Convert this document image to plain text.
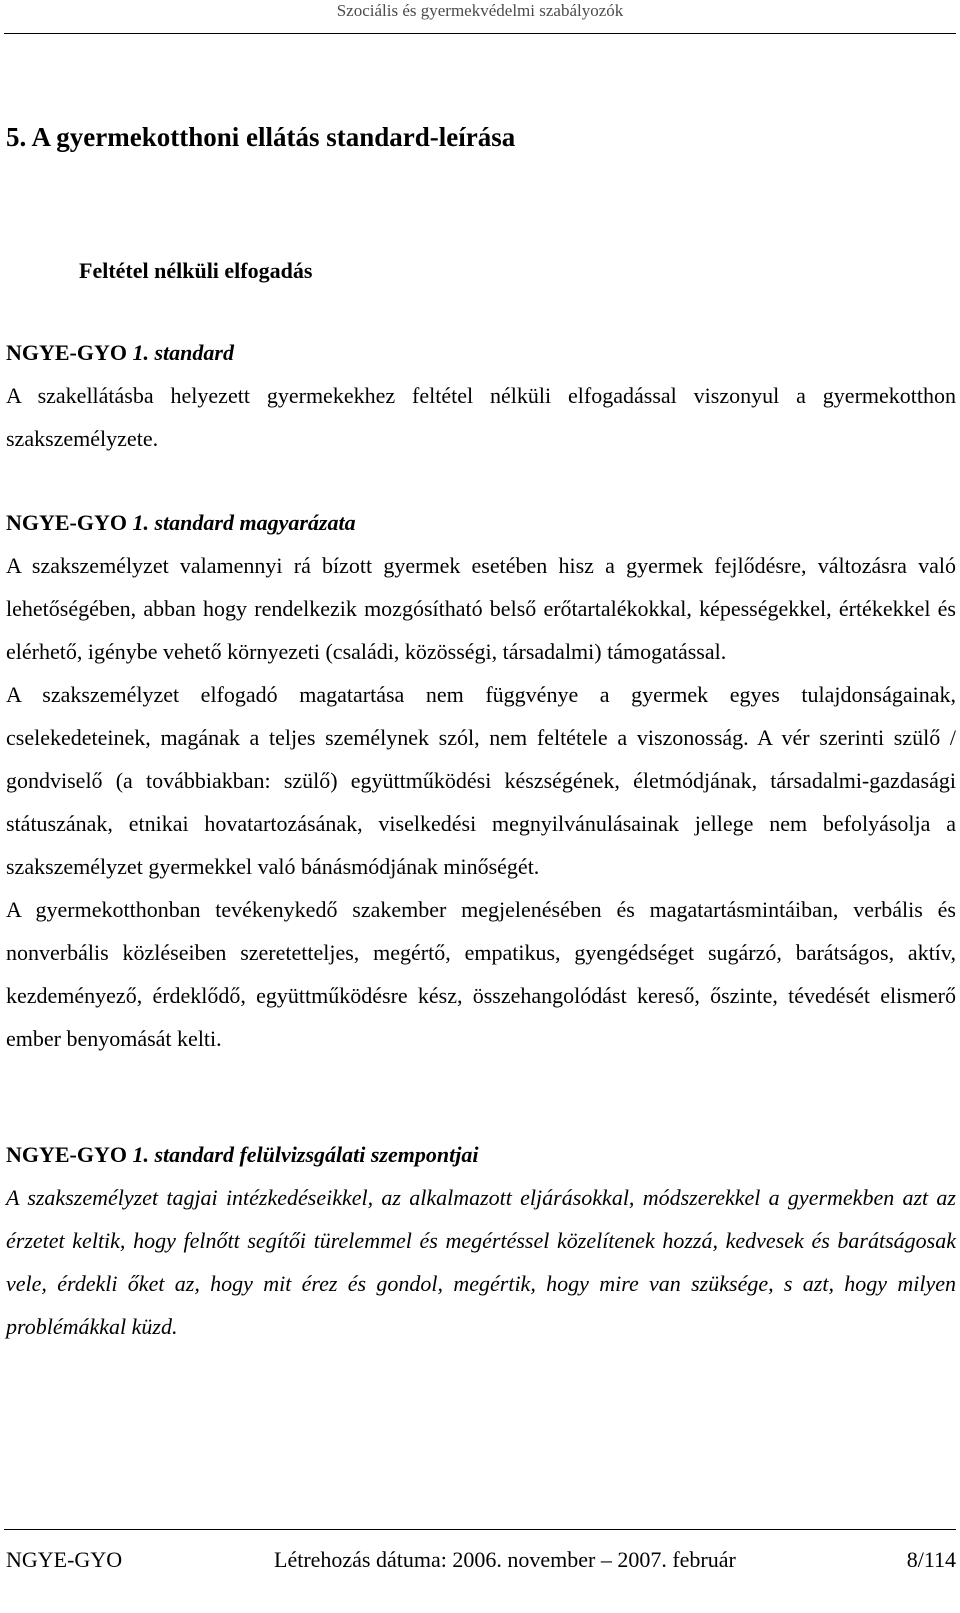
Szociális és gyermekvédelmi szabályozók
5. A gyermekotthoni ellátás standard-leírása
Feltétel nélküli elfogadás

NGYE-GYO 1. standard

A szakellátásba helyezett gyermekekhez feltétel nélküli elfogadással viszonyul a gyermekotthon szakszemélyzete.

NGYE-GYO 1. standard magyarázata

A szakszemélyzet valamennyi rá bízott gyermek esetében hisz a gyermek fejlődésre, változásra való lehetőségében, abban hogy rendelkezik mozgósítható belső erőtartalékokkal, képességekkel, értékekkel és elérhető, igénybe vehető környezeti (családi, közösségi, társadalmi) támogatással.

A szakszemélyzet elfogadó magatartása nem függvénye a gyermek egyes tulajdonságainak, cselekedeteinek, magának a teljes személynek szól, nem feltétele a viszonosság. A vér szerinti szülő / gondviselő (a továbbiakban: szülő) együttműködési készségének, életmódjának, társadalmi-gazdasági státuszának, etnikai hovatartozásának, viselkedési megnyilvánulásainak jellege nem befolyásolja a szakszemélyzet gyermekkel való bánásmódjának minőségét.

A gyermekotthonban tevékenykedő szakember megjelenésében és magatartásmintáiban, verbális és nonverbális közléseiben szeretetteljes, megértő, empatikus, gyengédséget sugárzó, barátságos, aktív, kezdeményező, érdeklődő, együttműködésre kész, összehangolódást kereső, őszinte, tévedését elismerő ember benyomását kelti.

NGYE-GYO 1. standard felülvizsgálati szempontjai

A szakszemélyzet tagjai intézkedéseikkel, az alkalmazott eljárásokkal, módszerekkel a gyermekben azt az érzetet keltik, hogy felnőtt segítői türelemmel és megértéssel közelítenek hozzá, kedvesek és barátságosak vele, érdekli őket az, hogy mit érez és gondol, megértik, hogy mire van szüksége, s azt, hogy milyen problémákkal küzd.

NGYE-GYO	Létrehozás dátuma: 2006. november – 2007. február	8/114
